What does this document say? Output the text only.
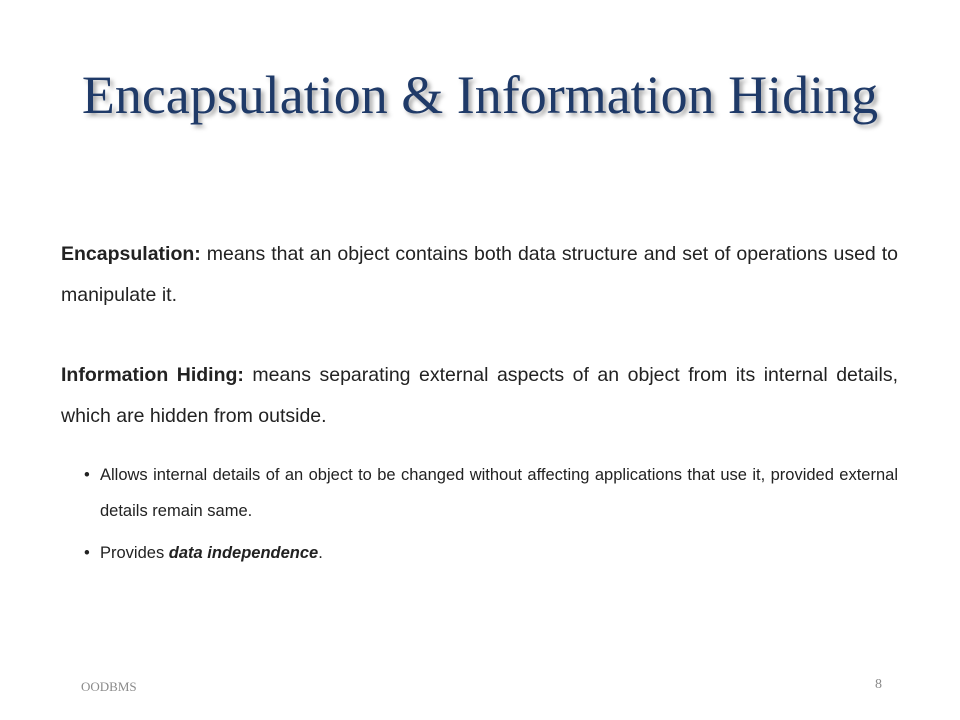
Encapsulation & Information Hiding

Encapsulation: means that an object contains both data structure and set of operations used to manipulate it.

Information Hiding: means separating external aspects of an object from its internal details, which are hidden from outside.

• Allows internal details of an object to be changed without affecting applications that use it, provided external details remain same.
• Provides data independence.
OODBMS	8
